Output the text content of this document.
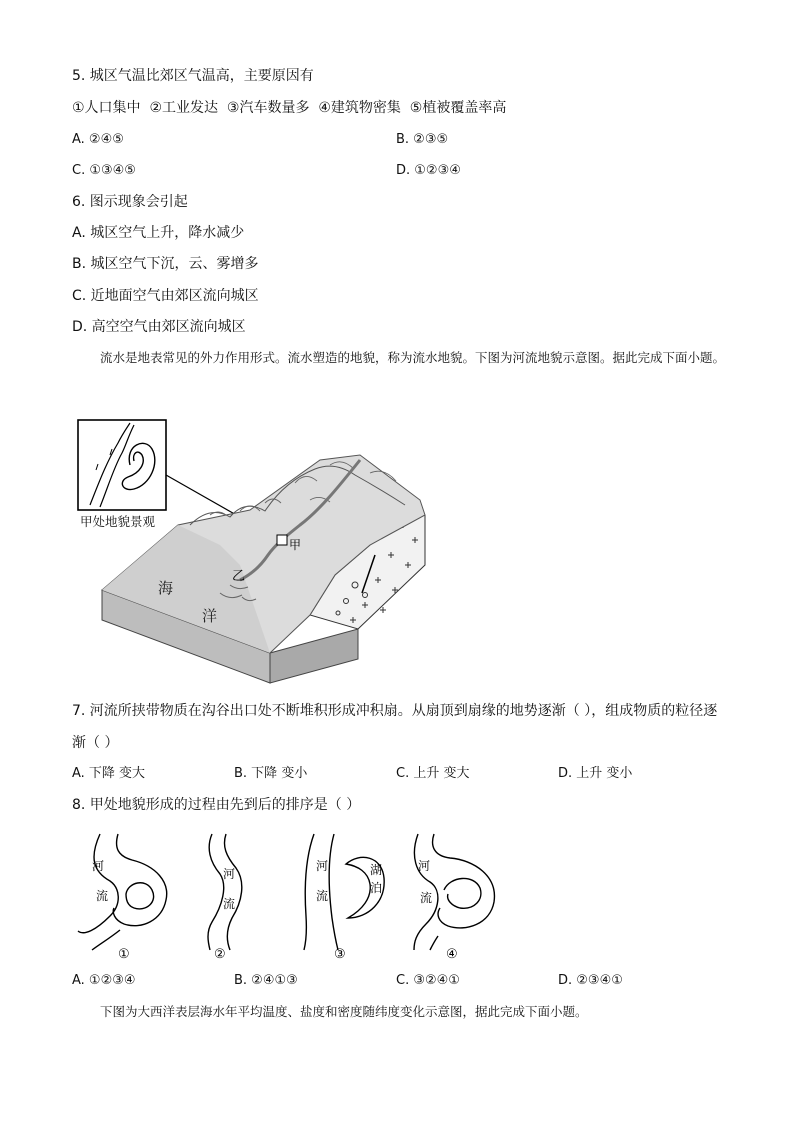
5. 城区气温比郊区气温高，主要原因有
①人口集中  ②工业发达  ③汽车数量多  ④建筑物密集  ⑤植被覆盖率高
A. ②④⑤	B. ②③⑤
C. ①③④⑤	D. ①②③④
6. 图示现象会引起
A. 城区空气上升，降水减少
B. 城区空气下沉，云、雾增多
C. 近地面空气由郊区流向城区
D. 高空空气由郊区流向城区
流水是地表常见的外力作用形式。流水塑造的地貌，称为流水地貌。下图为河流地貌示意图。据此完成下面小题。
甲
乙
海
洋
甲处地貌景观
7. 河流所挟带物质在沟谷出口处不断堆积形成冲积扇。从扇顶到扇缘的地势逐渐（ ），组成物质的粒径逐
渐（ ）
A. 下降 变大	B. 下降 变小	C. 上升 变大	D. 上升 变小
8. 甲处地貌形成的过程由先到后的排序是（ ）
河
流
①
河
流
②
河
流
湖
泊
③
河
流
④
A. ①②③④	B. ②④①③	C. ③②④①	D. ②③④①
下图为大西洋表层海水年平均温度、盐度和密度随纬度变化示意图，据此完成下面小题。
